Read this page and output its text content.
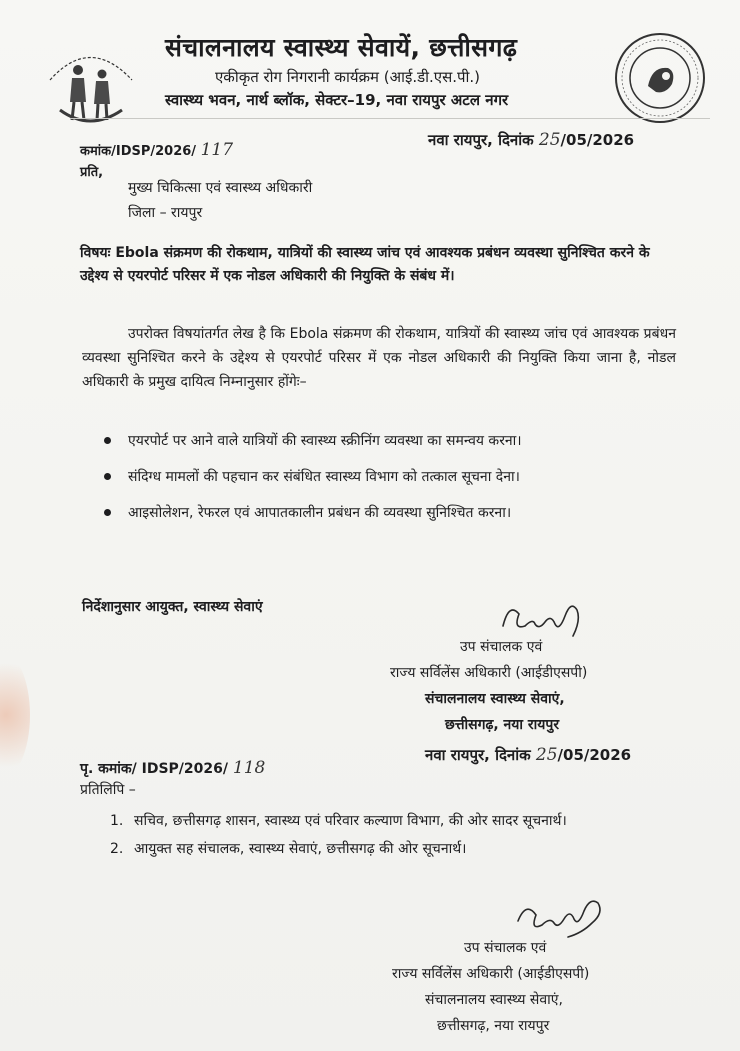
संचालनालय स्वास्थ्य सेवायें, छत्तीसगढ़
एकीकृत रोग निगरानी कार्यक्रम (आई.डी.एस.पी.)
स्वास्थ्य भवन, नार्थ ब्लॉक, सेक्टर–19, नवा रायपुर अटल नगर
कमांक/IDSP/2026/ 117	नवा रायपुर, दिनांक 25/05/2026
प्रति,
मुख्य चिकित्सा एवं स्वास्थ्य अधिकारी
जिला – रायपुर
विषयः Ebola संक्रमण की रोकथाम, यात्रियों की स्वास्थ्य जांच एवं आवश्यक प्रबंधन व्यवस्था सुनिश्चित करने के उद्देश्य से एयरपोर्ट परिसर में एक नोडल अधिकारी की नियुक्ति के संबंध में।
उपरोक्त विषयांतर्गत लेख है कि Ebola संक्रमण की रोकथाम, यात्रियों की स्वास्थ्य जांच एवं आवश्यक प्रबंधन व्यवस्था सुनिश्चित करने के उद्देश्य से एयरपोर्ट परिसर में एक नोडल अधिकारी की नियुक्ति किया जाना है, नोडल अधिकारी के प्रमुख दायित्व निम्नानुसार होंगेः–
एयरपोर्ट पर आने वाले यात्रियों की स्वास्थ्य स्क्रीनिंग व्यवस्था का समन्वय करना।
संदिग्ध मामलों की पहचान कर संबंधित स्वास्थ्य विभाग को तत्काल सूचना देना।
आइसोलेशन, रेफरल एवं आपातकालीन प्रबंधन की व्यवस्था सुनिश्चित करना।
निर्देशानुसार आयुक्त, स्वास्थ्य सेवाएं
उप संचालक एवं
राज्य सर्विलेंस अधिकारी (आईडीएसपी)
संचालनालय स्वास्थ्य सेवाएं,
छत्तीसगढ़, नया रायपुर
नवा रायपुर, दिनांक 25/05/2026
पृ. कमांक/ IDSP/2026/ 118
प्रतिलिपि –
1. सचिव, छत्तीसगढ़ शासन, स्वास्थ्य एवं परिवार कल्याण विभाग, की ओर सादर सूचनार्थ।
2. आयुक्त सह संचालक, स्वास्थ्य सेवाएं, छत्तीसगढ़ की ओर सूचनार्थ।
उप संचालक एवं
राज्य सर्विलेंस अधिकारी (आईडीएसपी)
संचालनालय स्वास्थ्य सेवाएं,
छत्तीसगढ़, नया रायपुर
